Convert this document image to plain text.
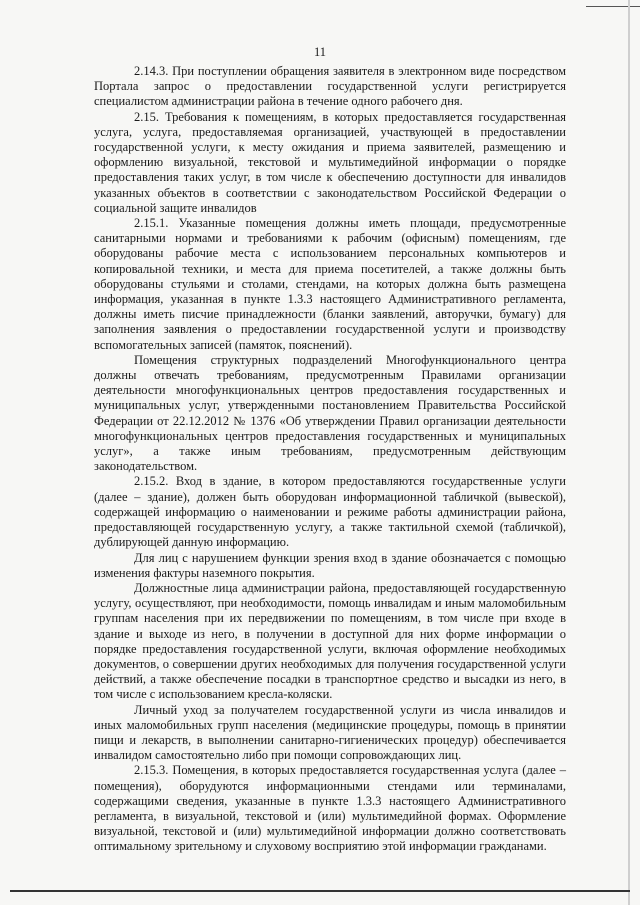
11

2.14.3. При поступлении обращения заявителя в электронном виде посредством Портала запрос о предоставлении государственной услуги регистрируется специалистом администрации района в течение одного рабочего дня.

2.15. Требования к помещениям, в которых предоставляется государственная услуга, услуга, предоставляемая организацией, участвующей в предоставлении государственной услуги, к месту ожидания и приема заявителей, размещению и оформлению визуальной, текстовой и мультимедийной информации о порядке предоставления таких услуг, в том числе к обеспечению доступности для инвалидов указанных объектов в соответствии с законодательством Российской Федерации о социальной защите инвалидов

2.15.1. Указанные помещения должны иметь площади, предусмотренные санитарными нормами и требованиями к рабочим (офисным) помещениям, где оборудованы рабочие места с использованием персональных компьютеров и копировальной техники, и места для приема посетителей, а также должны быть оборудованы стульями и столами, стендами, на которых должна быть размещена информация, указанная в пункте 1.3.3 настоящего Административного регламента, должны иметь писчие принадлежности (бланки заявлений, авторучки, бумагу) для заполнения заявления о предоставлении государственной услуги и производству вспомогательных записей (памяток, пояснений).

Помещения структурных подразделений Многофункционального центра должны отвечать требованиям, предусмотренным Правилами организации деятельности многофункциональных центров предоставления государственных и муниципальных услуг, утвержденными постановлением Правительства Российской Федерации от 22.12.2012 № 1376 «Об утверждении Правил организации деятельности многофункциональных центров предоставления государственных и муниципальных услуг», а также иным требованиям, предусмотренным действующим законодательством.

2.15.2. Вход в здание, в котором предоставляются государственные услуги (далее – здание), должен быть оборудован информационной табличкой (вывеской), содержащей информацию о наименовании и режиме работы администрации района, предоставляющей государственную услугу, а также тактильной схемой (табличкой), дублирующей данную информацию.

Для лиц с нарушением функции зрения вход в здание обозначается с помощью изменения фактуры наземного покрытия.

Должностные лица администрации района, предоставляющей государственную услугу, осуществляют, при необходимости, помощь инвалидам и иным маломобильным группам населения при их передвижении по помещениям, в том числе при входе в здание и выходе из него, в получении в доступной для них форме информации о порядке предоставления государственной услуги, включая оформление необходимых документов, о совершении других необходимых для получения государственной услуги действий, а также обеспечение посадки в транспортное средство и высадки из него, в том числе с использованием кресла-коляски.

Личный уход за получателем государственной услуги из числа инвалидов и иных маломобильных групп населения (медицинские процедуры, помощь в принятии пищи и лекарств, в выполнении санитарно-гигиенических процедур) обеспечивается инвалидом самостоятельно либо при помощи сопровождающих лиц.

2.15.3. Помещения, в которых предоставляется государственная услуга (далее – помещения), оборудуются информационными стендами или терминалами, содержащими сведения, указанные в пункте 1.3.3 настоящего Административного регламента, в визуальной, текстовой и (или) мультимедийной формах. Оформление визуальной, текстовой и (или) мультимедийной информации должно соответствовать оптимальному зрительному и слуховому восприятию этой информации гражданами.
